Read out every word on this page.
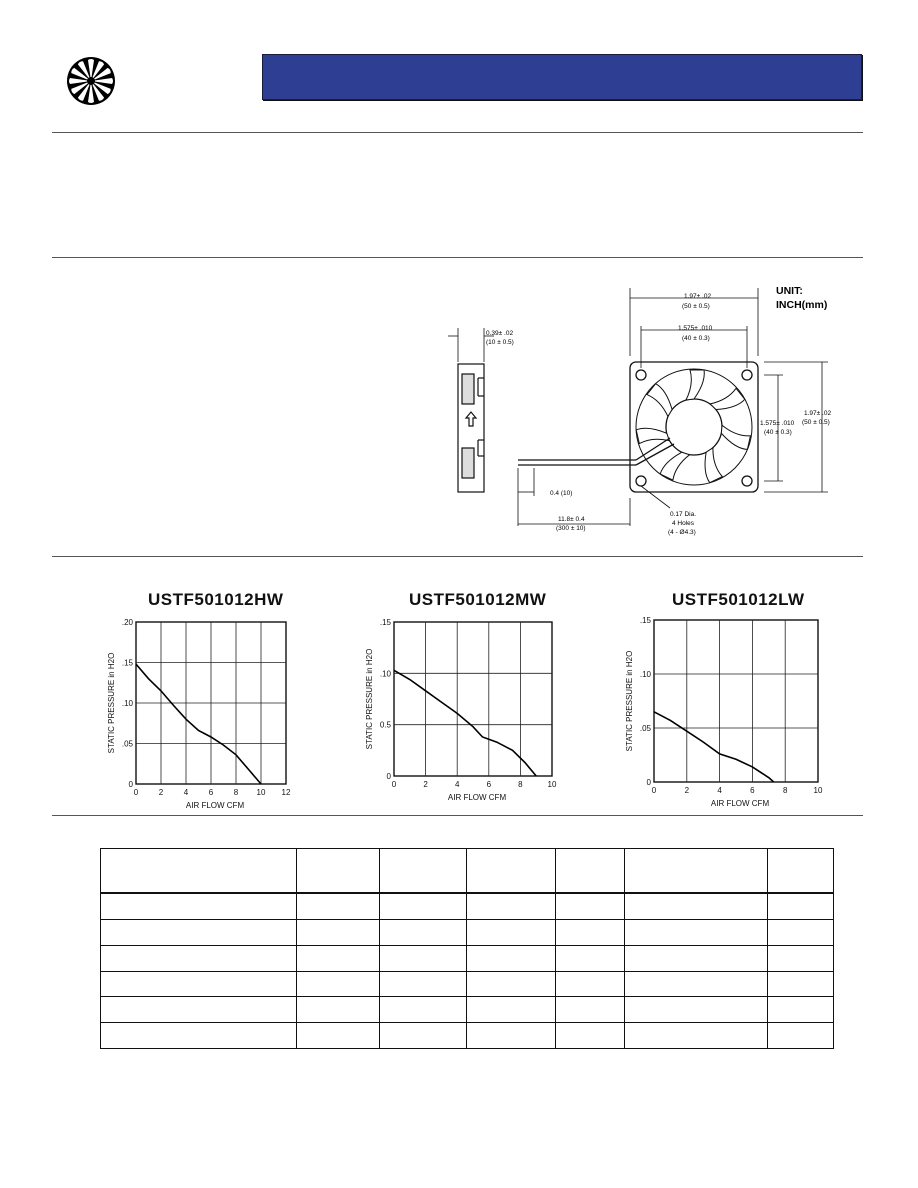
0.39± .02
(10 ± 0.5)
UNIT:
INCH(mm)
1.97± .02
(50 ± 0.5)
1.575± .010
(40 ± 0.3)
1.575± .010
(40 ± 0.3)
1.97± .02
(50 ± 0.5)
0.4 (10)
11.8± 0.4
(300 ± 10)
0.17 Dia.
4 Holes
(4 - Ø4.3)
USTF501012HW	USTF501012MW	USTF501012LW
0	2	4	6	8 10 12
0
.05
.10
.15
.20
AIR FLOW CFM
STATIC PRESSURE in H2O
0	2	4	6	8	10
0
0.5
.10
.15
AIR FLOW CFM
STATIC PRESSURE in H2O
0	2	4	6	8	10
0
.05
.10
.15
AIR FLOW CFM
STATIC PRESSURE in H2O
